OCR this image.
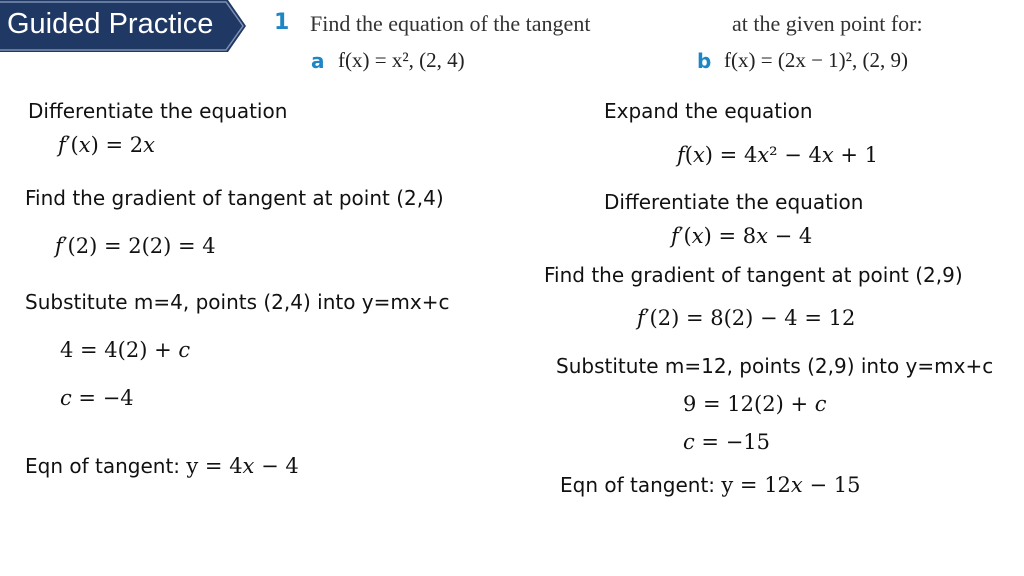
Guided Practice	1 Find the equation of the tangent	at the given point for:
a f(x) = x², (2, 4)	b f(x) = (2x − 1)², (2, 9)
Differentiate the equation
𝑓′(𝑥) = 2𝑥
Find the gradient of tangent at point (2,4)
𝑓′(2) = 2(2) = 4
Substitute m=4, points (2,4) into y=mx+c
4 = 4(2) + 𝑐
𝑐 = −4
Eqn of tangent: y = 4𝑥 − 4
Expand the equation
𝑓(𝑥) = 4𝑥² − 4𝑥 + 1
Differentiate the equation
𝑓′(𝑥) = 8𝑥 − 4
Find the gradient of tangent at point (2,9)
𝑓′(2) = 8(2) − 4 = 12
Substitute m=12, points (2,9) into y=mx+c
9 = 12(2) + 𝑐
𝑐 = −15
Eqn of tangent: y = 12𝑥 − 15
